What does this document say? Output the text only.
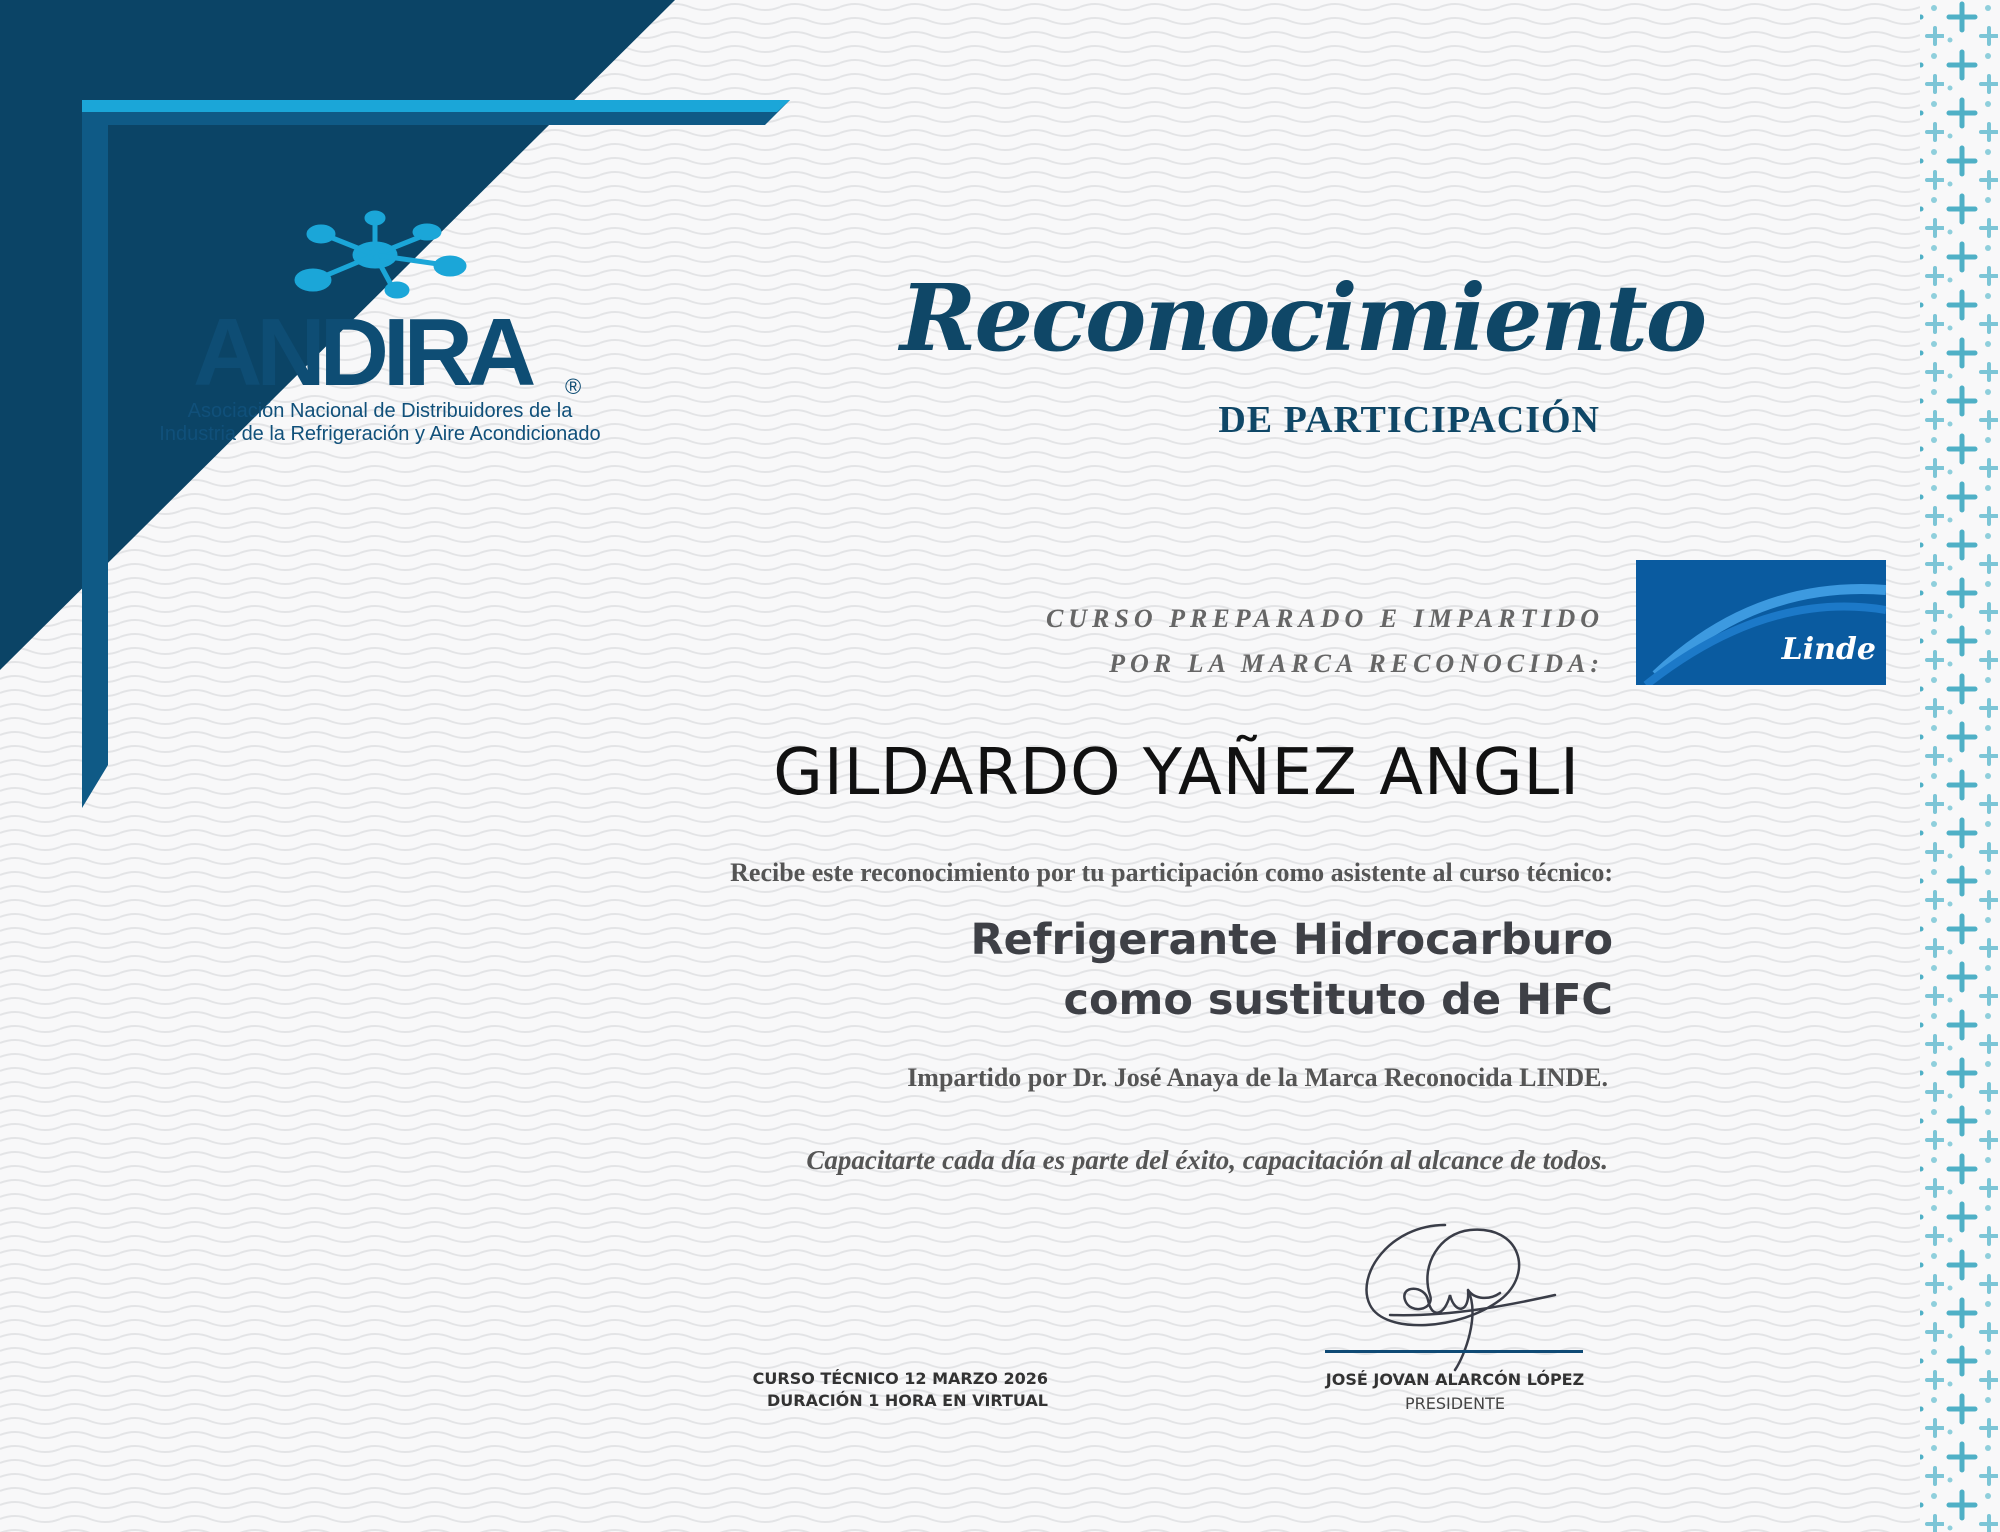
ANDIRA ®
Asociación Nacional de Distribuidores de la
Industria de la Refrigeración y Aire Acondicionado
Reconocimiento
DE PARTICIPACIÓN
CURSO PREPARADO E IMPARTIDO
POR LA MARCA RECONOCIDA:	Linde
GILDARDO YAÑEZ ANGLI
Recibe este reconocimiento por tu participación como asistente al curso técnico:
Refrigerante Hidrocarburo
como sustituto de HFC
Impartido por Dr. José Anaya de la Marca Reconocida LINDE.
Capacitarte cada día es parte del éxito, capacitación al alcance de todos.
CURSO TÉCNICO 12 MARZO 2026
DURACIÓN 1 HORA EN VIRTUAL
JOSÉ JOVAN ALARCÓN LÓPEZ
PRESIDENTE
